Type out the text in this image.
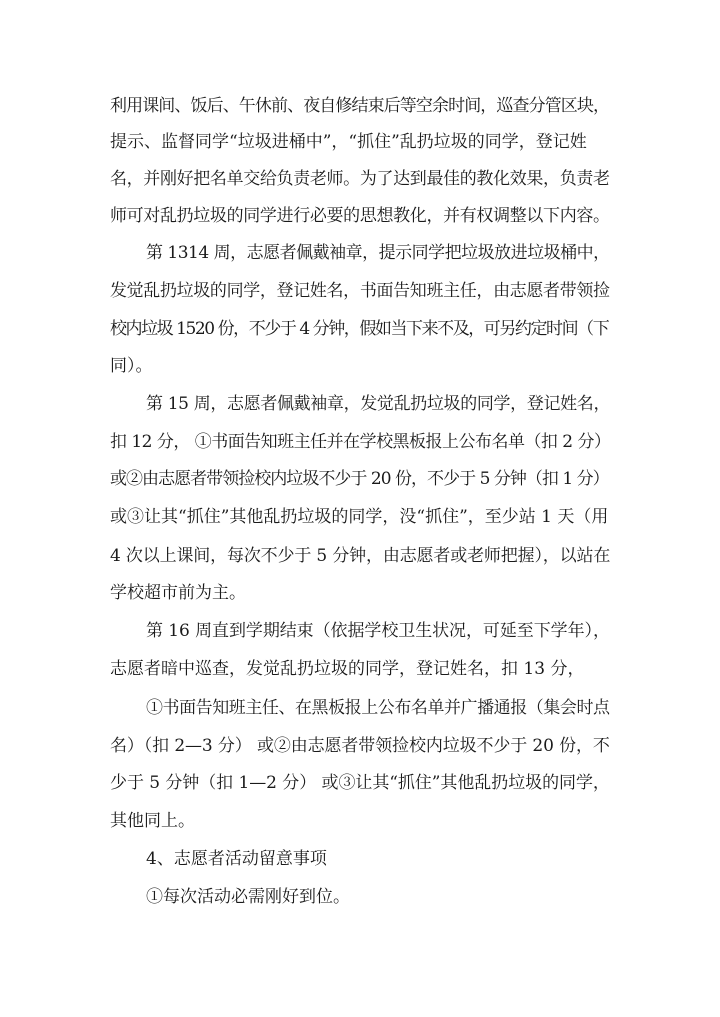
利用课间、饭后、午休前、夜自修结束后等空余时间，巡查分管区块，
提示、监督同学“垃圾进桶中”，“抓住”乱扔垃圾的同学，登记姓
名，并刚好把名单交给负责老师。为了达到最佳的教化效果，负责老
师可对乱扔垃圾的同学进行必要的思想教化，并有权调整以下内容。
第 1314 周，志愿者佩戴袖章，提示同学把垃圾放进垃圾桶中，
发觉乱扔垃圾的同学，登记姓名，书面告知班主任，由志愿者带领捡
校内垃圾 1520 份，不少于 4 分钟，假如当下来不及，可另约定时间（下
同）。
第 15 周，志愿者佩戴袖章，发觉乱扔垃圾的同学，登记姓名，
扣 12 分， ①书面告知班主任并在学校黑板报上公布名单（扣 2 分）
或②由志愿者带领捡校内垃圾不少于 20 份，不少于 5 分钟（扣 1 分）
或③让其“抓住”其他乱扔垃圾的同学，没“抓住”，至少站 1 天（用
4 次以上课间，每次不少于 5 分钟，由志愿者或老师把握），以站在
学校超市前为主。
第 16 周直到学期结束（依据学校卫生状况，可延至下学年），
志愿者暗中巡查，发觉乱扔垃圾的同学，登记姓名，扣 13 分，
①书面告知班主任、在黑板报上公布名单并广播通报（集会时点
名）（扣 2—3 分） 或②由志愿者带领捡校内垃圾不少于 20 份，不
少于 5 分钟（扣 1—2 分） 或③让其“抓住”其他乱扔垃圾的同学，
其他同上。
4、志愿者活动留意事项
①每次活动必需刚好到位。
